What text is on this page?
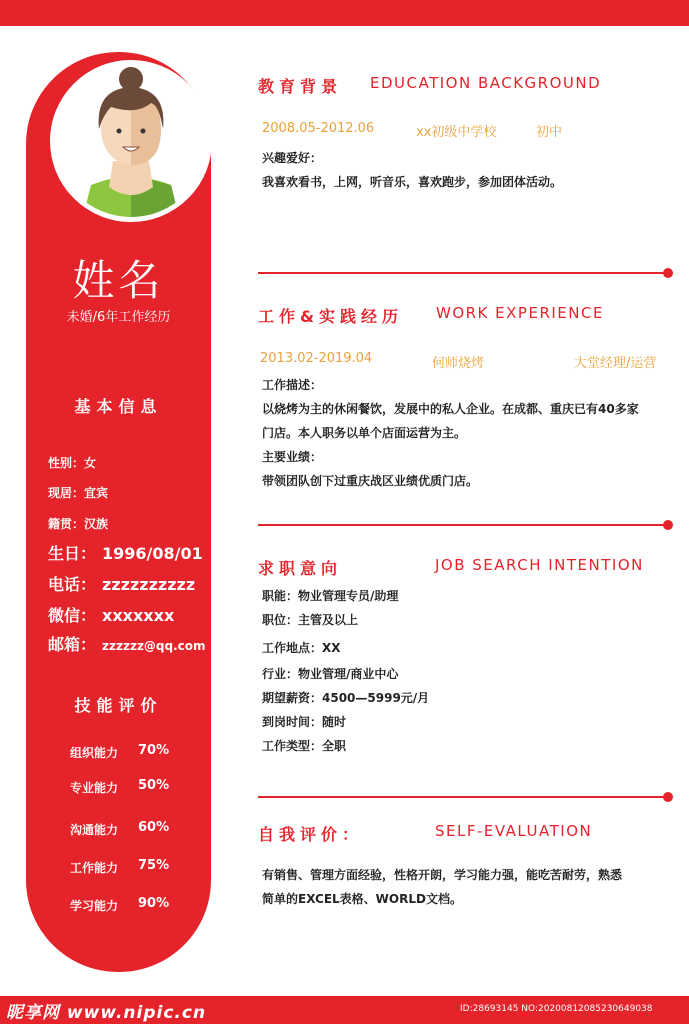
姓名
未婚/6年工作经历
基本信息
性别：女
现居：宜宾
籍贯：汉族
生日： 1996/08/01
电话： zzzzzzzzzz
微信： xxxxxxx
邮箱： zzzzzz@qq.com
技能评价
组织能力 70%
专业能力 50%
沟通能力 60%
工作能力 75%
学习能力 90%
教育背景 EDUCATION BACKGROUND
2008.05-2012.06	xx初级中学校	初中
兴趣爱好：
我喜欢看书，上网，听音乐，喜欢跑步，参加团体活动。
工作&实践经历 WORK EXPERIENCE
2013.02-2019.04	何师烧烤	大堂经理/运营
工作描述：
以烧烤为主的休闲餐饮，发展中的私人企业。在成都、重庆已有40多家
门店。本人职务以单个店面运营为主。
主要业绩：
带领团队创下过重庆战区业绩优质门店。
求职意向	JOB SEARCH INTENTION
职能：物业管理专员/助理
职位：主管及以上
工作地点：XX
行业：物业管理/商业中心
期望薪资：4500—5999元/月
到岗时间：随时
工作类型：全职
自我评价：	SELF-EVALUATION
有销售、管理方面经验，性格开朗，学习能力强，能吃苦耐劳，熟悉
简单的EXCEL表格、WORLD文档。
昵享网 www.nipic.cn	ID:28693145 NO:20200812085230649038
